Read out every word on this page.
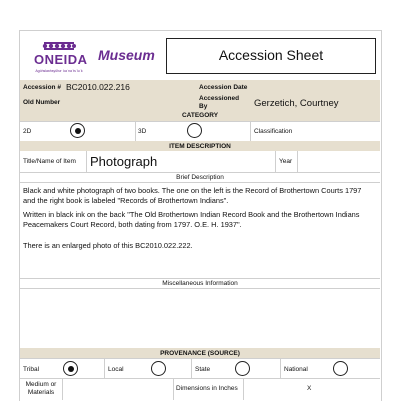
ONEIDA
Agóhslaʚhsyŭha· ka˙na˙ts˙lu˙k
Museum	Accession Sheet
Accession # BC2010.022.216	Accession Date
Old Number
Accessioned By	Gerzetich, Courtney
CATEGORY
2D	3D	Classification
ITEM DESCRIPTION
Title/Name of Item Photograph	Year
Brief Description
Black and white photograph of two books. The one on the left is the Record of Brothertown Courts 1797 and the right book is labeled "Records of Brothertown Indians".
Written in black ink on the back "The Old Brothertown Indian Record Book and the Brothertown Indians Peacemakers Court Record, both dating from 1797. O.E. H. 1937".
There is an enlarged photo of this BC2010.022.222.
Miscellaneous Information
PROVENANCE (SOURCE)
Tribal	Local	State	National
Medium or Materials	Dimensions in Inches	X
